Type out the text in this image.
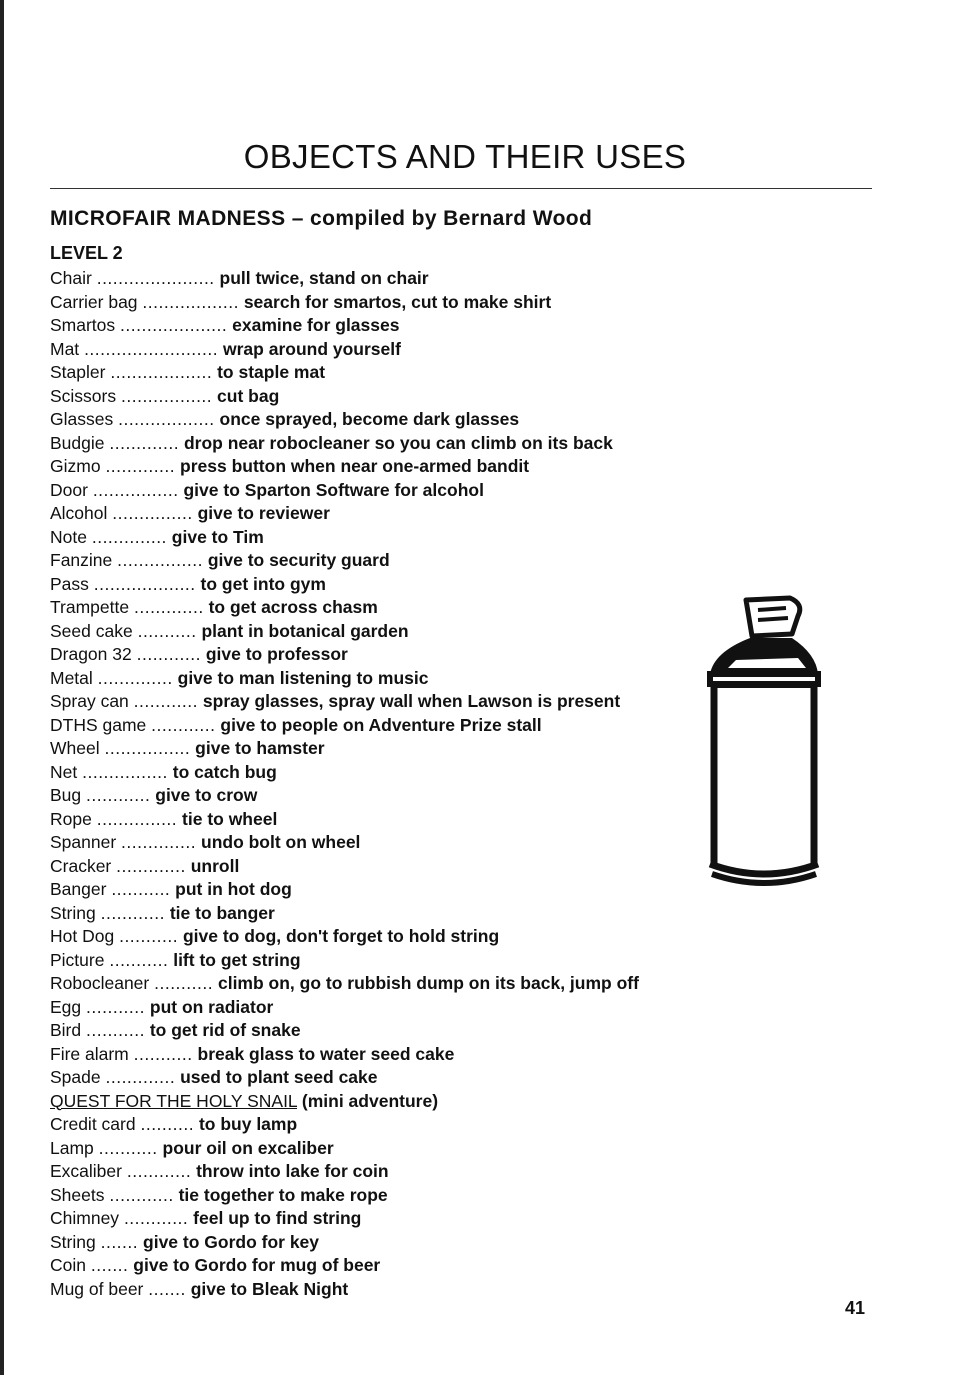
OBJECTS AND THEIR USES
MICROFAIR MADNESS – compiled by Bernard Wood
LEVEL 2
Chair ...................... pull twice, stand on chair
Carrier bag .................. search for smartos, cut to make shirt
Smartos .................... examine for glasses
Mat ......................... wrap around yourself
Stapler ................... to staple mat
Scissors ................. cut bag
Glasses .................. once sprayed, become dark glasses
Budgie ............. drop near robocleaner so you can climb on its back
Gizmo ............. press button when near one-armed bandit
Door ................ give to Sparton Software for alcohol
Alcohol ............... give to reviewer
Note .............. give to Tim
Fanzine ................ give to security guard
Pass ................... to get into gym
Trampette ............. to get across chasm
Seed cake ........... plant in botanical garden
Dragon 32 ............ give to professor
Metal .............. give to man listening to music
Spray can ............ spray glasses, spray wall when Lawson is present
DTHS game ............ give to people on Adventure Prize stall
Wheel ................ give to hamster
Net ................ to catch bug
Bug ............ give to crow
Rope ............... tie to wheel
Spanner .............. undo bolt on wheel
Cracker ............. unroll
Banger ........... put in hot dog
String ............ tie to banger
Hot Dog ........... give to dog, don't forget to hold string
Picture ........... lift to get string
Robocleaner ........... climb on, go to rubbish dump on its back, jump off
Egg ........... put on radiator
Bird ........... to get rid of snake
Fire alarm ........... break glass to water seed cake
Spade ............. used to plant seed cake
QUEST FOR THE HOLY SNAIL (mini adventure)
Credit card .......... to buy lamp
Lamp ........... pour oil on excaliber
Excaliber ............ throw into lake for coin
Sheets ............ tie together to make rope
Chimney ............ feel up to find string
String ....... give to Gordo for key
Coin ....... give to Gordo for mug of beer
Mug of beer ....... give to Bleak Night
41
